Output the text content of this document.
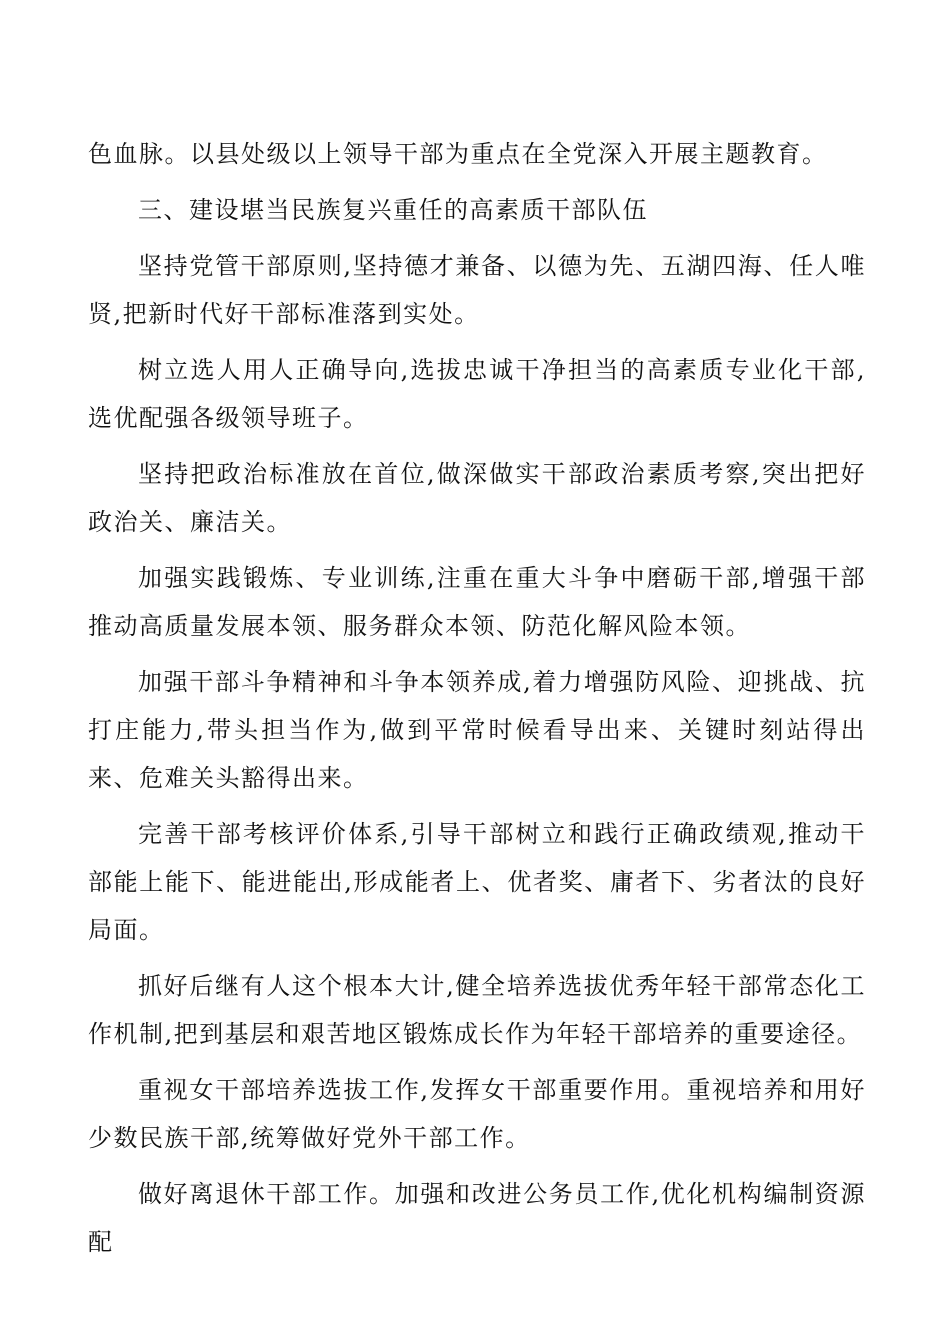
色血脉。以县处级以上领导干部为重点在全党深入开展主题教育。

三、建设堪当民族复兴重任的高素质干部队伍

坚持党管干部原则,坚持德才兼备、以德为先、五湖四海、任人唯贤,把新时代好干部标准落到实处。

树立选人用人正确导向,选拔忠诚干净担当的高素质专业化干部,选优配强各级领导班子。

坚持把政治标准放在首位,做深做实干部政治素质考察,突出把好政治关、廉洁关。

加强实践锻炼、专业训练,注重在重大斗争中磨砺干部,增强干部推动高质量发展本领、服务群众本领、防范化解风险本领。

加强干部斗争精神和斗争本领养成,着力增强防风险、迎挑战、抗打庄能力,带头担当作为,做到平常时候看导出来、关键时刻站得出来、危难关头豁得出来。

完善干部考核评价体系,引导干部树立和践行正确政绩观,推动干部能上能下、能进能出,形成能者上、优者奖、庸者下、劣者汰的良好局面。

抓好后继有人这个根本大计,健全培养选拔优秀年轻干部常态化工作机制,把到基层和艰苦地区锻炼成长作为年轻干部培养的重要途径。

重视女干部培养选拔工作,发挥女干部重要作用。重视培养和用好少数民族干部,统筹做好党外干部工作。

做好离退休干部工作。加强和改进公务员工作,优化机构编制资源配
